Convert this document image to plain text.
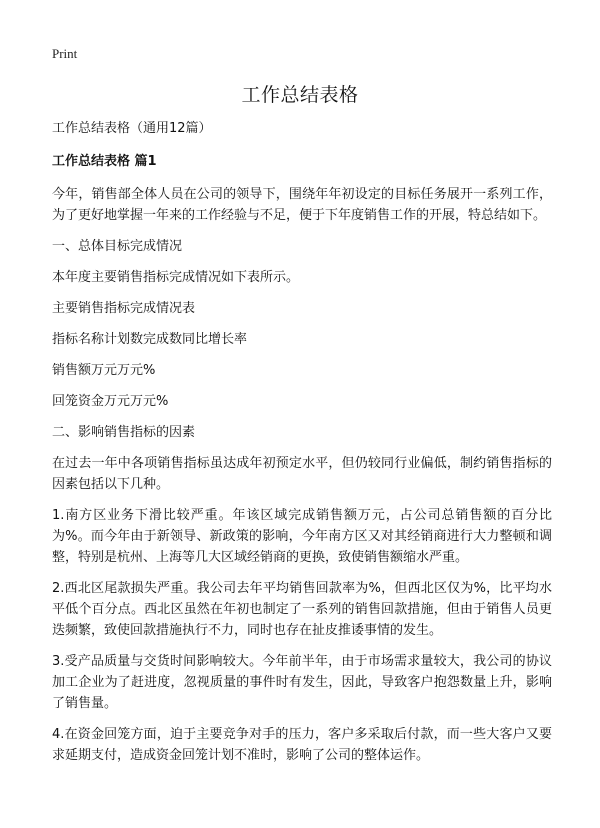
Print
工作总结表格

工作总结表格（通用12篇）

工作总结表格 篇1

今年，销售部全体人员在公司的领导下，围绕年年初设定的目标任务展开一系列工作，为了更好地掌握一年来的工作经验与不足，便于下年度销售工作的开展，特总结如下。

一、总体目标完成情况

本年度主要销售指标完成情况如下表所示。

主要销售指标完成情况表

指标名称计划数完成数同比增长率

销售额万元万元%

回笼资金万元万元%

二、影响销售指标的因素

在过去一年中各项销售指标虽达成年初预定水平，但仍较同行业偏低，制约销售指标的因素包括以下几种。

1.南方区业务下滑比较严重。年该区域完成销售额万元，占公司总销售额的百分比为%。而今年由于新领导、新政策的影响，今年南方区又对其经销商进行大力整顿和调整，特别是杭州、上海等几大区域经销商的更换，致使销售额缩水严重。

2.西北区尾款损失严重。我公司去年平均销售回款率为%，但西北区仅为%，比平均水平低个百分点。西北区虽然在年初也制定了一系列的销售回款措施，但由于销售人员更迭频繁，致使回款措施执行不力，同时也存在扯皮推诿事情的发生。

3.受产品质量与交货时间影响较大。今年前半年，由于市场需求量较大，我公司的协议加工企业为了赶进度，忽视质量的事件时有发生，因此，导致客户抱怨数量上升，影响了销售量。

4.在资金回笼方面，迫于主要竞争对手的压力，客户多采取后付款，而一些大客户又要求延期支付，造成资金回笼计划不准时，影响了公司的整体运作。
